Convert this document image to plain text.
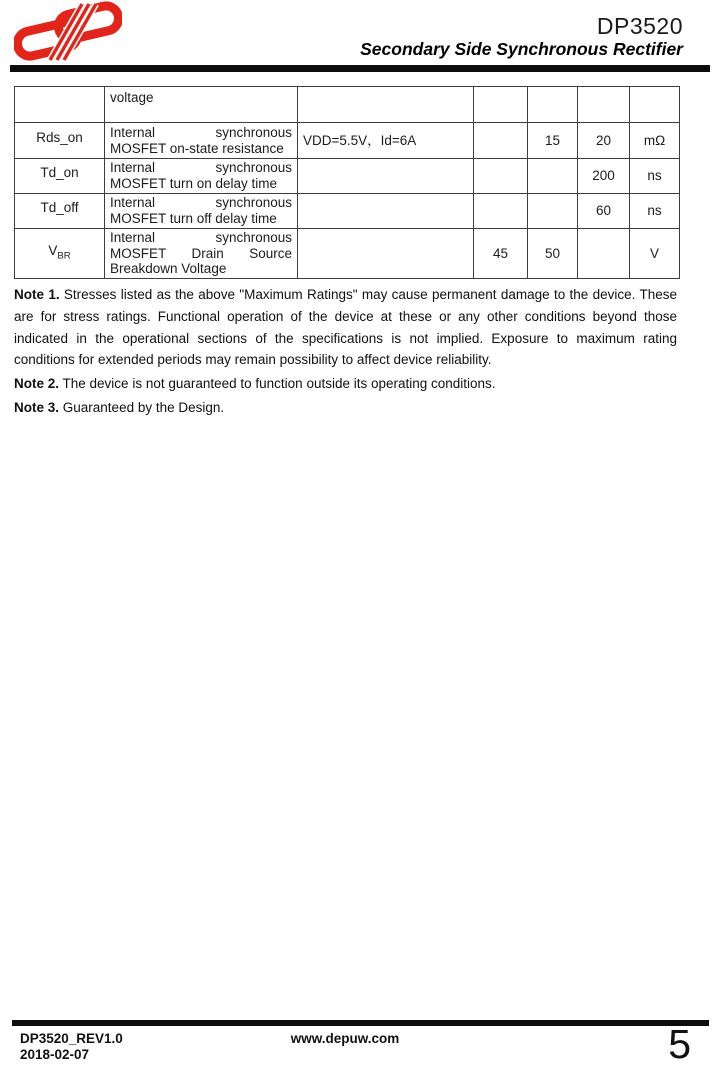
DP3520
Secondary Side Synchronous Rectifier
	voltage					
Rds_on	Internal synchronous MOSFET on-state resistance	VDD=5.5V，Id=6A		15	20	mΩ
Td_on	Internal synchronous MOSFET turn on delay time				200	ns
Td_off	Internal synchronous MOSFET turn off delay time				60	ns
$V_{BR}$	Internal synchronous MOSFET Drain Source Breakdown Voltage		45	50		V

Note 1. Stresses listed as the above "Maximum Ratings" may cause permanent damage to the device. These are for stress ratings. Functional operation of the device at these or any other conditions beyond those indicated in the operational sections of the specifications is not implied. Exposure to maximum rating conditions for extended periods may remain possibility to affect device reliability.

Note 2. The device is not guaranteed to function outside its operating conditions.

Note 3. Guaranteed by the Design.

DP3520_REV1.0
2018-02-07
www.depuw.com	5
